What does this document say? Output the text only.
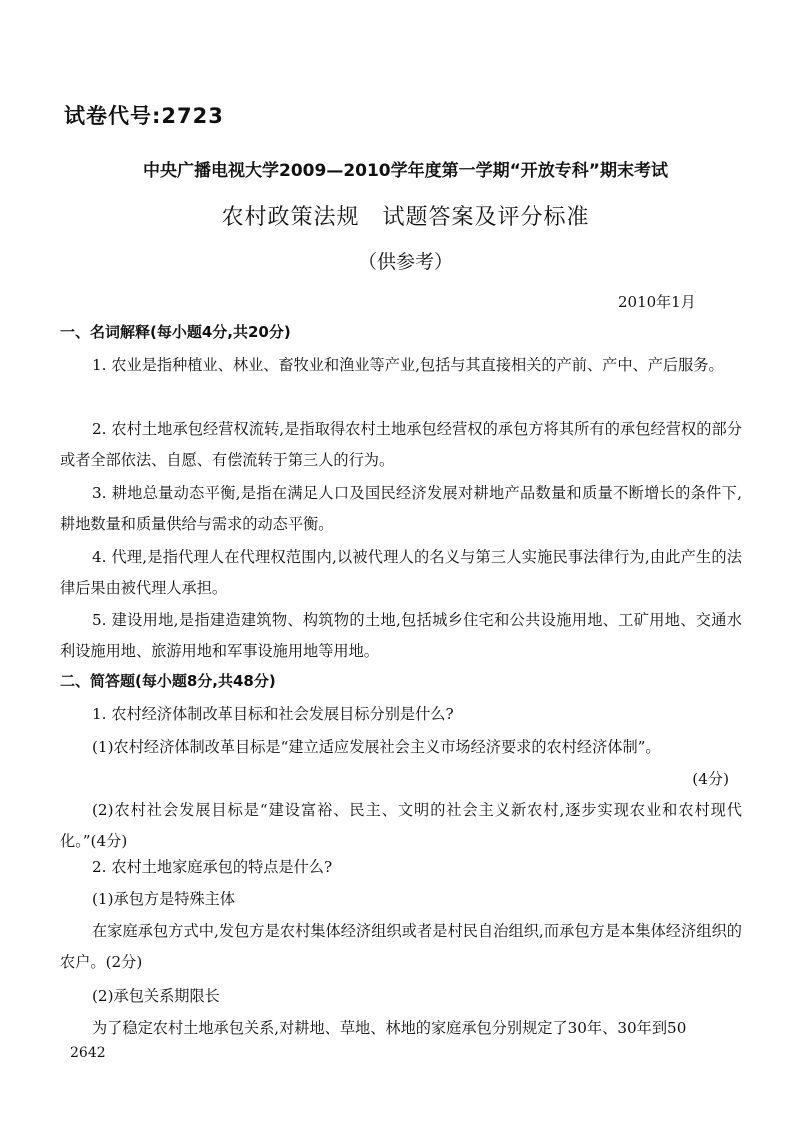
试卷代号:2723
中央广播电视大学2009—2010学年度第一学期“开放专科”期末考试
农村政策法规　试题答案及评分标准
（供参考）
2010年1月
一、名词解释(每小题4分,共20分)
1. 农业是指种植业、林业、畜牧业和渔业等产业,包括与其直接相关的产前、产中、产后服务。
2. 农村土地承包经营权流转,是指取得农村土地承包经营权的承包方将其所有的承包经营权的部分或者全部依法、自愿、有偿流转于第三人的行为。
3. 耕地总量动态平衡,是指在满足人口及国民经济发展对耕地产品数量和质量不断增长的条件下,耕地数量和质量供给与需求的动态平衡。
4. 代理,是指代理人在代理权范围内,以被代理人的名义与第三人实施民事法律行为,由此产生的法律后果由被代理人承担。
5. 建设用地,是指建造建筑物、构筑物的土地,包括城乡住宅和公共设施用地、工矿用地、交通水利设施用地、旅游用地和军事设施用地等用地。
二、简答题(每小题8分,共48分)
1. 农村经济体制改革目标和社会发展目标分别是什么?
(1)农村经济体制改革目标是“建立适应发展社会主义市场经济要求的农村经济体制”。
(4分)
(2)农村社会发展目标是“建设富裕、民主、文明的社会主义新农村,逐步实现农业和农村现代化。”(4分)
2. 农村土地家庭承包的特点是什么?
(1)承包方是特殊主体
在家庭承包方式中,发包方是农村集体经济组织或者是村民自治组织,而承包方是本集体经济组织的农户。(2分)
(2)承包关系期限长
为了稳定农村土地承包关系,对耕地、草地、林地的家庭承包分别规定了30年、30年到50
2642
